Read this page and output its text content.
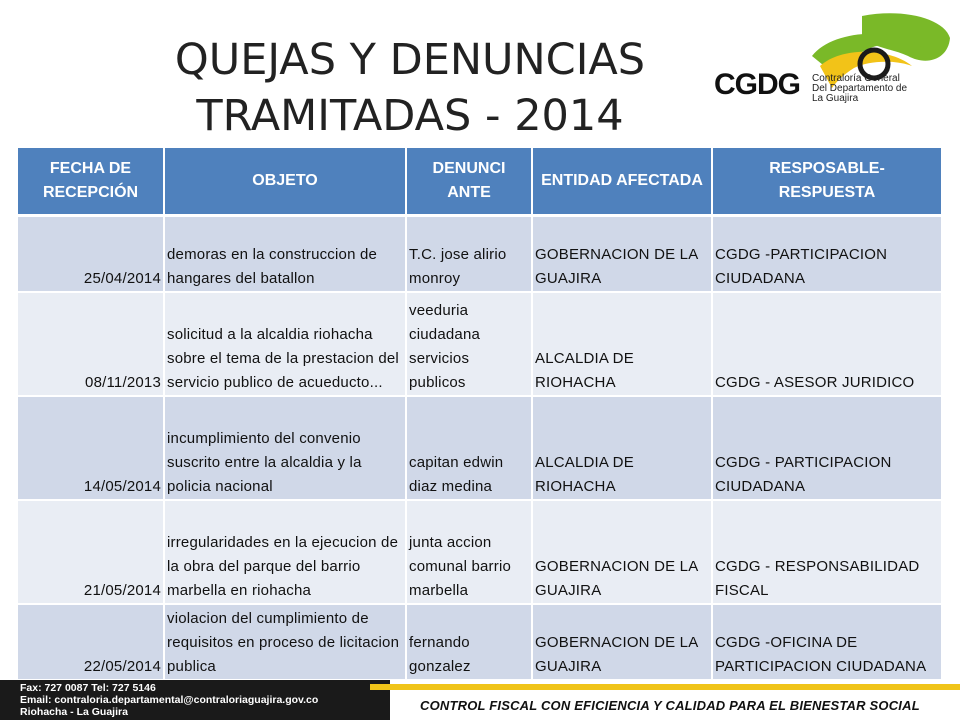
QUEJAS Y DENUNCIAS
TRAMITADAS - 2014
CGDG Contraloría General
Del Departamento de
La Guajira
FECHA DE RECEPCIÓN	OBJETO	DENUNCI ANTE	ENTIDAD AFECTADA	RESPOSABLE- RESPUESTA
25/04/2014	demoras en la construccion de hangares del batallon	T.C. jose alirio monroy	GOBERNACION DE LA GUAJIRA	CGDG -PARTICIPACION CIUDADANA
08/11/2013	solicitud a la alcaldia riohacha sobre el tema de la prestacion del servicio publico de acueducto...	veeduria ciudadana servicios publicos	ALCALDIA DE RIOHACHA	CGDG - ASESOR JURIDICO
14/05/2014	incumplimiento del convenio suscrito entre la alcaldia y la policia nacional	capitan edwin diaz medina	ALCALDIA DE RIOHACHA	CGDG - PARTICIPACION CIUDADANA
21/05/2014	irregularidades en la ejecucion de la obra del parque del barrio marbella en riohacha	junta accion comunal barrio marbella	GOBERNACION DE LA GUAJIRA	CGDG - RESPONSABILIDAD FISCAL
22/05/2014	violacion del cumplimiento de requisitos en proceso de licitacion publica	fernando gonzalez	GOBERNACION DE LA GUAJIRA	CGDG -OFICINA DE PARTICIPACION CIUDADANA
Fax: 727 0087 Tel: 727 5146
Email: contraloria.departamental@contraloriaguajira.gov.co
Riohacha - La Guajira	CONTROL FISCAL CON EFICIENCIA Y CALIDAD PARA EL BIENESTAR SOCIAL
